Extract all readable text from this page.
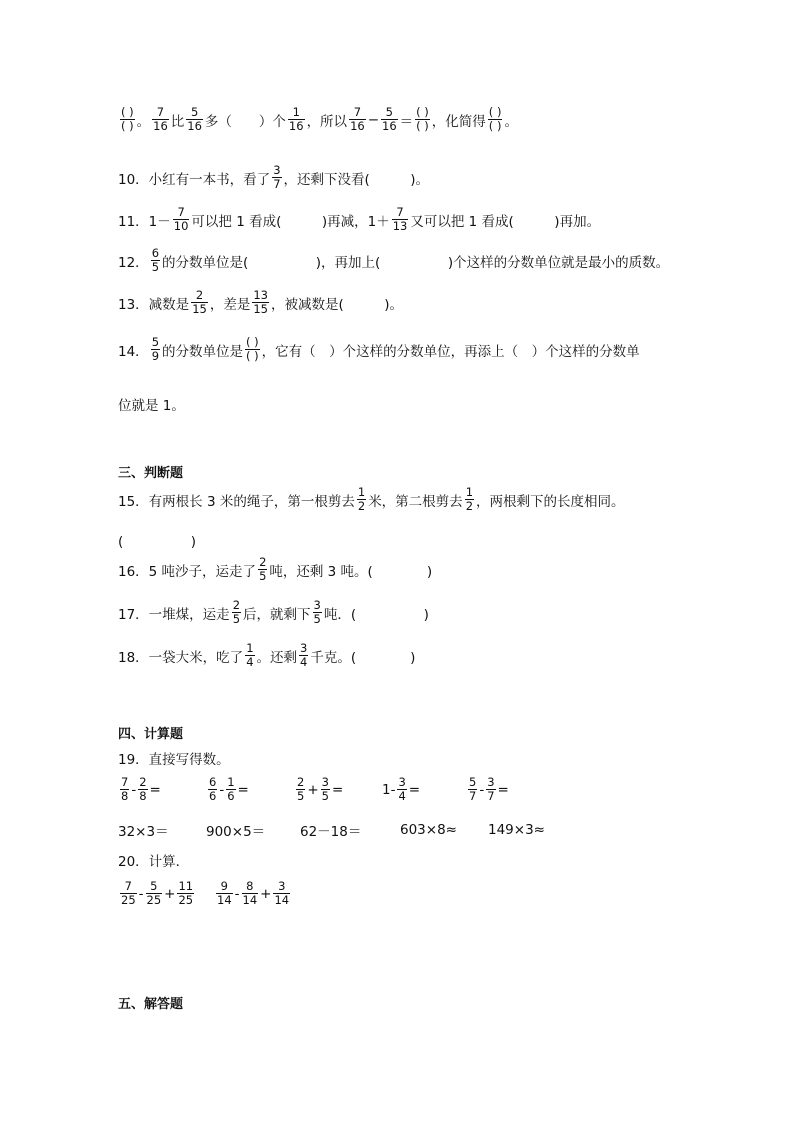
$\frac{( )}{( )}$ 。 $\frac{7}{16}$ 比 $\frac{5}{16}$ 多（　　）个 $\frac{1}{16}$ ，所以 $\frac{7}{16} - \frac{5}{16} = \frac{( )}{( )}$ ，化简得 $\frac{( )}{( )}$ 。
10．小红有一本书，看了 $\frac{3}{7}$ ，还剩下没看(　　　)。
11．$1- \frac{7}{10}$ 可以把 1 看成(　　　)再减，$1+ \frac{7}{13}$ 又可以把 1 看成(　　　)再加。
12． $\frac{6}{5}$ 的分数单位是(　　　　　)，再加上(　　　　　)个这样的分数单位就是最小的质数。
13．减数是 $\frac{2}{15}$ ，差是 $\frac{13}{15}$ ，被减数是(　　　)。
14． $\frac{5}{9}$ 的分数单位是 $\frac{( )}{( )}$ ，它有（　）个这样的分数单位，再添上（　）个这样的分数单
位就是 1。
三、判断题
15．有两根长 3 米的绳子，第一根剪去 $\frac{1}{2}$ 米，第二根剪去 $\frac{1}{2}$ ，两根剩下的长度相同。
(　　　　　)
16．5 吨沙子，运走了 $\frac{2}{5}$ 吨，还剩 3 吨。(　　　　)
17．一堆煤，运走 $\frac{2}{5}$ 后，就剩下 $\frac{3}{5}$ 吨．(　　　　　)
18．一袋大米，吃了 $\frac{1}{4}$ 。还剩 $\frac{3}{4}$ 千克。(　　　　)
四、计算题
19．直接写得数。
$\frac{7}{8} - \frac{2}{8}$ =	$\frac{6}{6} - \frac{1}{6}$ =	$\frac{2}{5} + \frac{3}{5}$ =	$1- \frac{3}{4}$ =	$\frac{5}{7} - \frac{3}{7}$ =
32×3＝	900×5＝	62－18＝	603×8≈	149×3≈
20．计算．
$\frac{7}{25} - \frac{5}{25} + \frac{11}{25} \frac{9}{14} - \frac{8}{14} + \frac{3}{14}$
五、解答题
